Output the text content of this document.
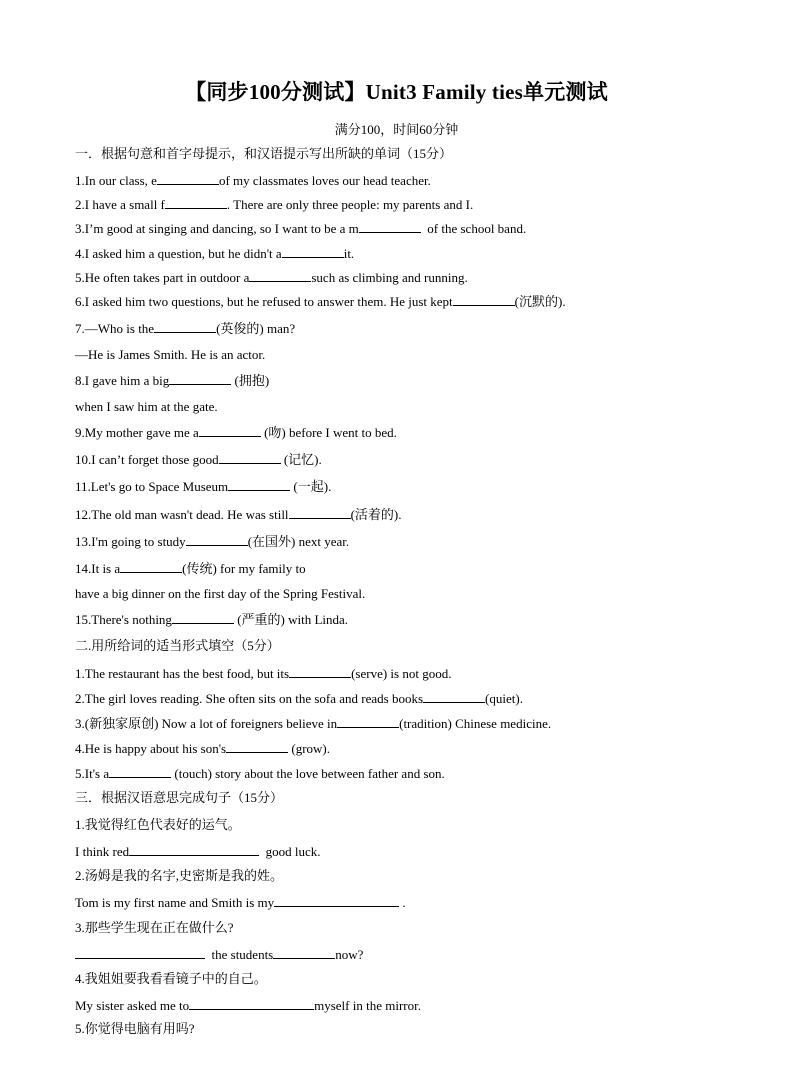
【同步100分测试】Unit3 Family ties单元测试
满分100，时间60分钟
一．根据句意和首字母提示，和汉语提示写出所缺的单词（15分）
1.In our class, e	of my classmates loves our head teacher.
2.I have a small f	. There are only three people: my parents and I.
3.I’m good at singing and dancing, so I want to be a m	of the school band.
4.I asked him a question, but he didn't a	it.
5.He often takes part in outdoor a	such as climbing and running.
6.I asked him two questions, but he refused to answer them. He just kept	(沉默的).
7.—Who is the	(英俊的) man?
—He is James Smith. He is an actor.
8.I gave him a big	(拥抱)
when I saw him at the gate.
9.My mother gave me a	(吻) before I went to bed.
10.I can’t forget those good	(记忆).
11.Let's go to Space Museum	(一起).
12.The old man wasn't dead. He was still	(活着的).
13.I'm going to study	(在国外) next year.
14.It is a	(传统) for my family to
have a big dinner on the first day of the Spring Festival.
15.There's nothing	(严重的) with Linda.
二.用所给词的适当形式填空（5分）
1.The restaurant has the best food, but its	(serve) is not good.
2.The girl loves reading. She often sits on the sofa and reads books	(quiet).
3.(新独家原创) Now a lot of foreigners believe in	(tradition) Chinese medicine.
4.He is happy about his son's	(grow).
5.It's a	(touch) story about the love between father and son.
三．根据汉语意思完成句子（15分）
1.我觉得红色代表好的运气。
I think red	good luck.
2.汤姆是我的名字,史密斯是我的姓。
Tom is my first name and Smith is my	.
3.那些学生现在正在做什么?
the students	now?
4.我姐姐要我看看镜子中的自己。
My sister asked me to	myself in the mirror.
5.你觉得电脑有用吗?
